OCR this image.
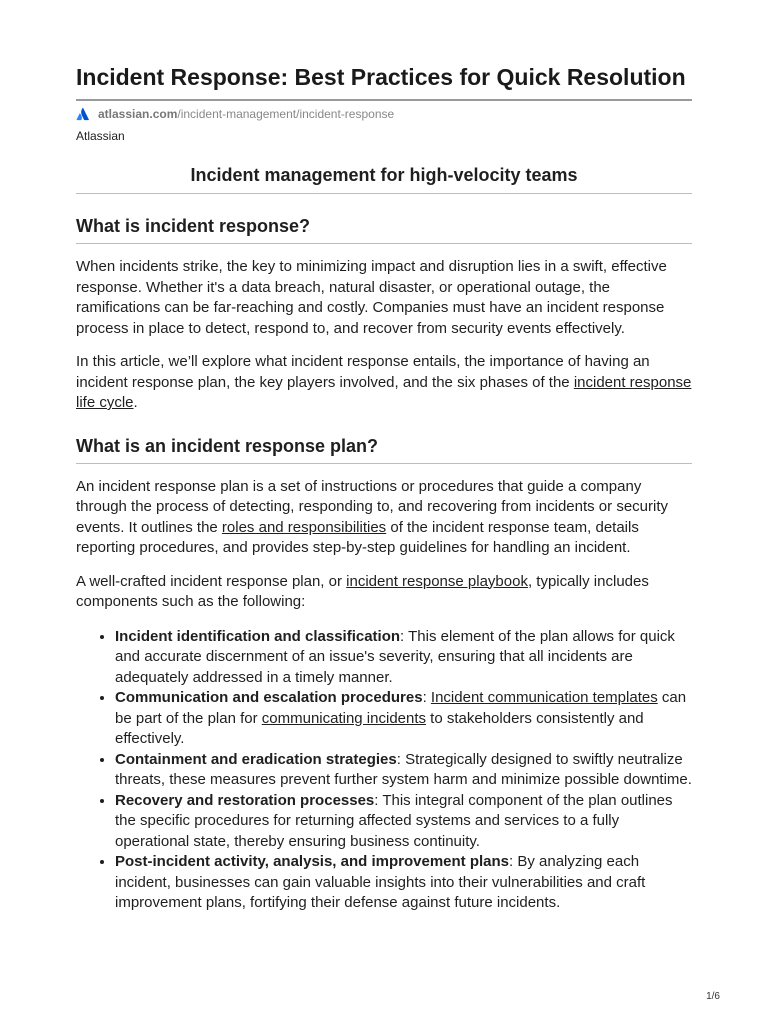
Incident Response: Best Practices for Quick Resolution
atlassian.com /incident-management/incident-response
Atlassian
Incident management for high-velocity teams
What is incident response?

When incidents strike, the key to minimizing impact and disruption lies in a swift, effective response. Whether it's a data breach, natural disaster, or operational outage, the ramifications can be far-reaching and costly. Companies must have an incident response process in place to detect, respond to, and recover from security events effectively.

In this article, we’ll explore what incident response entails, the importance of having an incident response plan, the key players involved, and the six phases of the incident response life cycle.

What is an incident response plan?

An incident response plan is a set of instructions or procedures that guide a company through the process of detecting, responding to, and recovering from incidents or security events. It outlines the roles and responsibilities of the incident response team, details reporting procedures, and provides step-by-step guidelines for handling an incident.

A well-crafted incident response plan, or incident response playbook, typically includes components such as the following:

• Incident identification and classification: This element of the plan allows for quick and accurate discernment of an issue's severity, ensuring that all incidents are adequately addressed in a timely manner.
• Communication and escalation procedures: Incident communication templates can be part of the plan for communicating incidents to stakeholders consistently and effectively.
• Containment and eradication strategies: Strategically designed to swiftly neutralize threats, these measures prevent further system harm and minimize possible downtime.
• Recovery and restoration processes: This integral component of the plan outlines the specific procedures for returning affected systems and services to a fully operational state, thereby ensuring business continuity.
• Post-incident activity, analysis, and improvement plans: By analyzing each incident, businesses can gain valuable insights into their vulnerabilities and craft improvement plans, fortifying their defense against future incidents.
1/6
